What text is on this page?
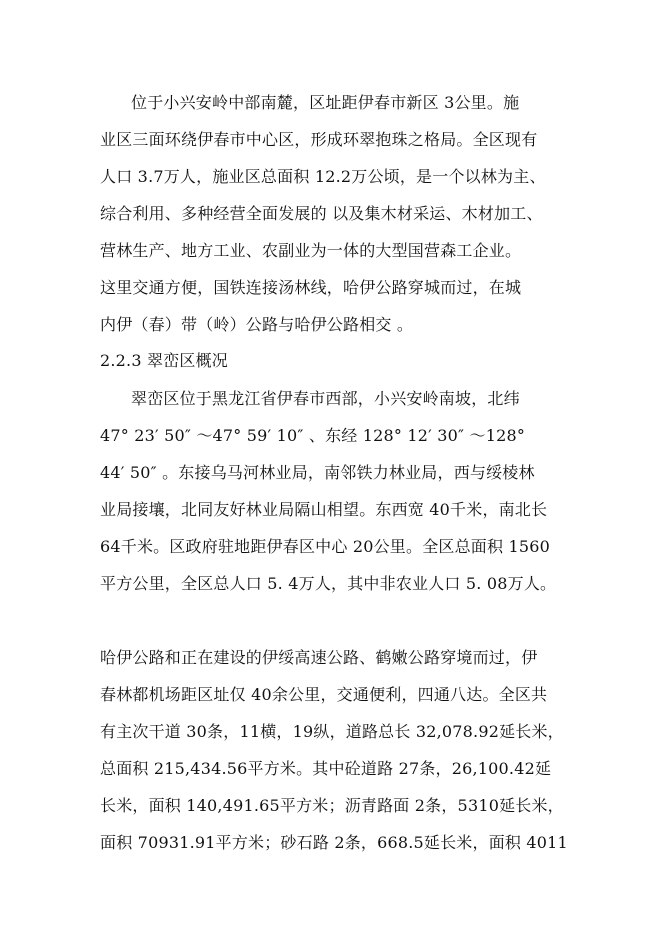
位于小兴安岭中部南麓，区址距伊春市新区 3公里。施
业区三面环绕伊春市中心区，形成环翠抱珠之格局。全区现有
人口 3.7万人，施业区总面积 12.2万公顷，是一个以林为主、
综合利用、多种经营全面发展的 以及集木材采运、木材加工、
营林生产、地方工业、农副业为一体的大型国营森工企业。
这里交通方便，国铁连接汤林线，哈伊公路穿城而过，在城
内伊（春）带（岭）公路与哈伊公路相交 。
2.2.3 翠峦区概况
翠峦区位于黑龙江省伊春市西部，小兴安岭南坡，北纬
47° 23′ 50″ ～47° 59′ 10″ 、东经 128° 12′ 30″ ～128°
44′ 50″ 。东接乌马河林业局，南邻铁力林业局，西与绥棱林
业局接壤，北同友好林业局隔山相望。东西宽 40千米，南北长
64千米。区政府驻地距伊春区中心 20公里。全区总面积 1560
平方公里，全区总人口 5. 4万人，其中非农业人口 5. 08万人。
哈伊公路和正在建设的伊绥高速公路、鹤嫩公路穿境而过，伊
春林都机场距区址仅 40余公里，交通便利，四通八达。全区共
有主次干道 30条，11横，19纵，道路总长 32,078.92延长米，
总面积 215,434.56平方米。其中砼道路 27条，26,100.42延
长米，面积 140,491.65平方米；沥青路面 2条，5310延长米，
面积 70931.91平方米；砂石路 2条，668.5延长米，面积 4011
